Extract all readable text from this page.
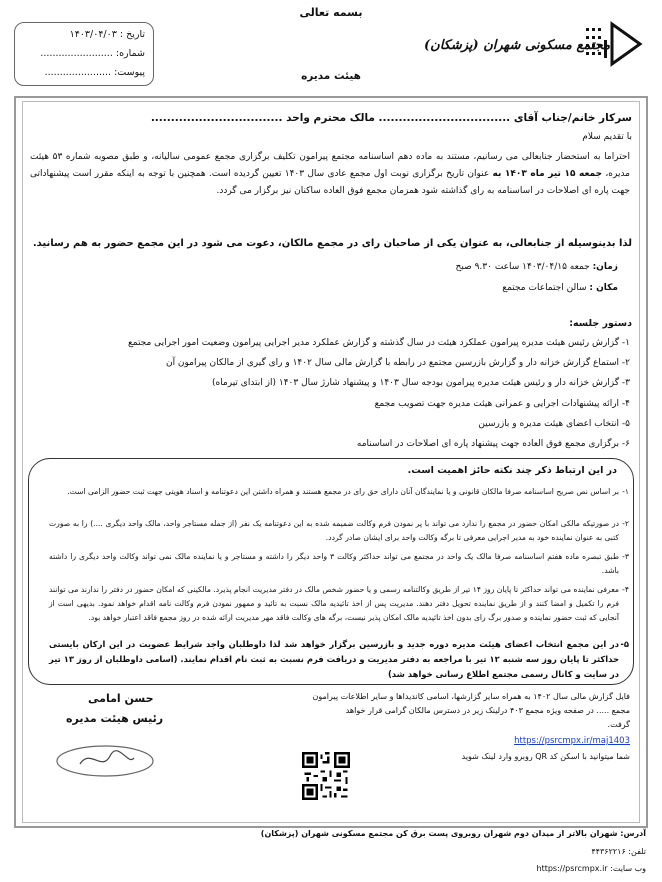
بسمه تعالی
تاریخ : ۱۴۰۳/۰۴/۰۳
شماره: ........................
پیوست: ......................
مجتمع مسکونی شهران (پزشکان)
هیئت مدیره
سرکار خانم/جناب آقای ................................. مالک محترم واحد .................................
با تقدیم سلام
احتراما به استحضار جنابعالی می رسانیم، مستند به ماده دهم اساسنامه مجتمع پیرامون تکلیف برگزاری مجمع عمومی سالیانه، و طبق مصوبه شماره ۵۳ هیئت مدیره، جمعه ۱۵ تیر ماه ۱۴۰۳ به عنوان تاریخ برگزاری نوبت اول مجمع عادی سال ۱۴۰۳ تعیین گردیده است. همچنین با توجه به اینکه مقرر است پیشنهاداتی جهت پاره ای اصلاحات در اساسنامه به رای گذاشته شود همزمان مجمع فوق العاده ساکنان نیز برگزار می گردد.
لذا بدینوسیله از جنابعالی، به عنوان یکی از صاحبان رای در مجمع مالکان، دعوت می شود در این مجمع حضور به هم رسانید.
زمان: جمعه ۱۴۰۳/۰۴/۱۵ ساعت ۹.۳۰ صبح
مکان : سالن اجتماعات مجتمع
دستور جلسه:
۱- گزارش رئیس هیئت مدیره پیرامون عملکرد هیئت در سال گذشته و گزارش عملکرد مدیر اجرایی پیرامون وضعیت امور اجرایی مجتمع
۲- استماع گزارش خزانه دار و گزارش بازرسین مجتمع در رابطه با گزارش مالی سال ۱۴۰۲ و رای گیری از مالکان پیرامون آن
۳- گزارش خزانه دار و رئیس هیئت مدیره پیرامون بودجه سال ۱۴۰۳ و پیشنهاد شارژ سال ۱۴۰۳ (از ابتدای تیرماه)
۴- ارائه پیشنهادات اجرایی و عمرانی هیئت مدیره جهت تصویب مجمع
۵- انتخاب اعضای هیئت مدیره و بازرسین
۶- برگزاری مجمع فوق العاده جهت پیشنهاد پاره ای اصلاحات در اساسنامه
در این ارتباط ذکر چند نکته حائز اهمیت است.
۱-
بر اساس نص صریح اساسنامه صرفا مالکان قانونی و یا نمایندگان آنان دارای حق رای در مجمع هستند و همراه داشتن این دعوتنامه و اسناد هویتی جهت ثبت حضور الزامی است.
۲-
در صورتیکه مالکی امکان حضور در مجمع را ندارد می تواند با پر نمودن فرم وکالت ضمیمه شده به این دعوتنامه یک نفر (از جمله مستاجر واحد، مالک واحد دیگری ....) را به صورت کتبی به عنوان نماینده خود به مدیر اجرایی معرفی تا برگه وکالت واحد برای ایشان صادر گردد.
۳-
طبق تبصره ماده هفتم اساسنامه صرفا مالک یک واحد در مجتمع می تواند حداکثر وکالت ۳ واحد دیگر را داشته و مستاجر و یا نماینده مالک نمی تواند وکالت واحد دیگری را داشته باشد.
۴-
معرفی نماینده می تواند حداکثر تا پایان روز ۱۴ تیر از طریق وکالتنامه رسمی و یا حضور شخص مالک در دفتر مدیریت انجام پذیرد. مالکینی که امکان حضور در دفتر را ندارند می توانند فرم را تکمیل و امضا کنند و از طریق نماینده تحویل دفتر دهند. مدیریت پس از اخذ تائیدیه مالک نسبت به تائید و ممهور نمودن فرم وکالت نامه اقدام خواهد نمود. بدیهی است از آنجایی که ثبت حضور نماینده و صدور برگ رای بدون اخذ تائیدیه مالک امکان پذیر نیست، برگه های وکالت فاقد مهر مدیریت ارائه شده در روز مجمع فاقد اعتبار خواهد بود.
۵-
در این مجمع انتخاب اعضای هیئت مدیره دوره جدید و بازرسین برگزار خواهد شد لذا داوطلبان واجد شرایط عضویت در این ارکان بایستی حداکثر تا پایان روز سه شنبه ۱۲ تیر با مراجعه به دفتر مدیریت و دریافت فرم نسبت به ثبت نام اقدام نمایند. (اسامی داوطلبان از روز ۱۳ تیر در سایت و کانال رسمی مجتمع اطلاع رسانی خواهد شد)
حسن امامی
رئیس هیئت مدیره
فایل گزارش مالی سال ۱۴۰۲ به همراه سایر گزارشها، اسامی کاندیداها و سایر اطلاعات پیرامون
مجمع ..... در صفحه ویژه مجمع ۴۰۳ درلینک زیر در دسترس مالکان گرامی قرار خواهد
گرفت.
https://psrcmpx.ir/maj1403
شما میتوانید با اسکن کد QR روبرو وارد لینک شوید
آدرس: شهران بالاتر از میدان دوم شهران روبروی پست برق کن مجتمع مسکونی شهران (پزشکان)
تلفن: ۴۴۳۶۲۲۱۶
وب سایت: https://psrcmpx.ir
